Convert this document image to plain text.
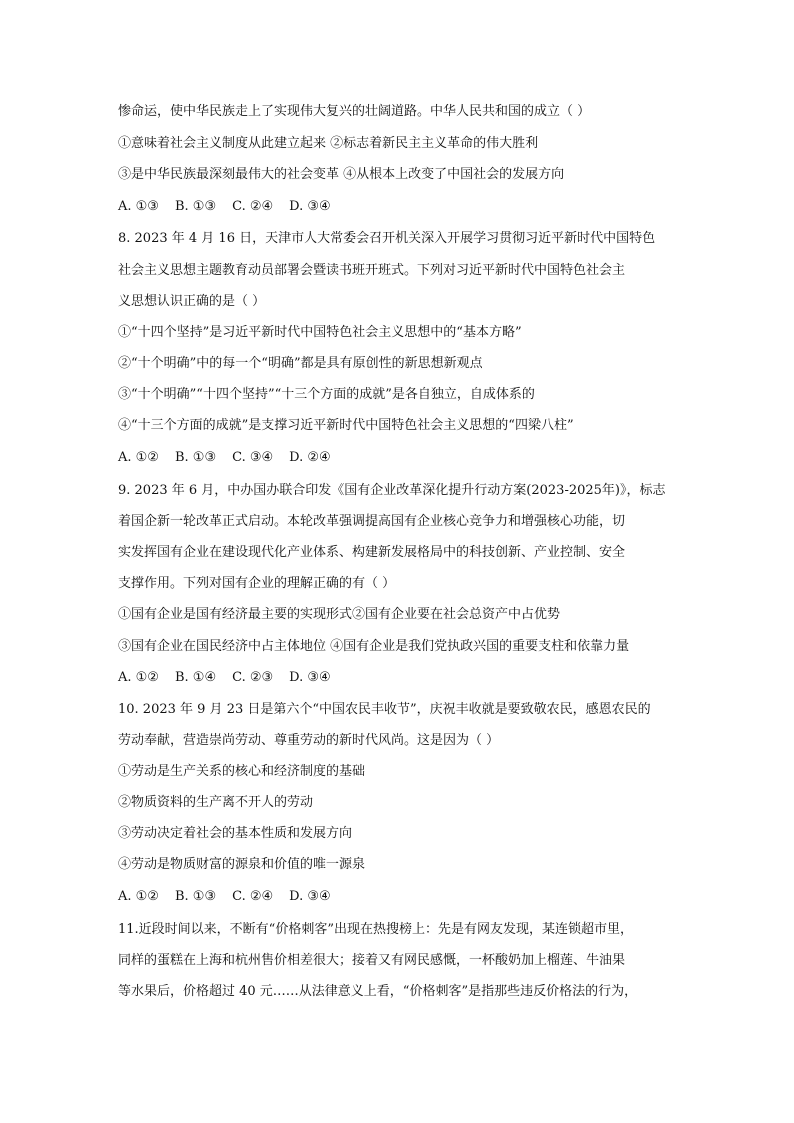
惨命运，使中华民族走上了实现伟大复兴的壮阔道路。中华人民共和国的成立（ ）
①意味着社会主义制度从此建立起来 ②标志着新民主主义革命的伟大胜利
③是中华民族最深刻最伟大的社会变革 ④从根本上改变了中国社会的发展方向
A. ①③ B. ①③ C. ②④ D. ③④
8. 2023 年 4 月 16 日，天津市人大常委会召开机关深入开展学习贯彻习近平新时代中国特色
社会主义思想主题教育动员部署会暨读书班开班式。下列对习近平新时代中国特色社会主
义思想认识正确的是（ ）
①“十四个坚持”是习近平新时代中国特色社会主义思想中的“基本方略”
②“十个明确”中的每一个“明确”都是具有原创性的新思想新观点
③“十个明确”“十四个坚持”“十三个方面的成就”是各自独立，自成体系的
④“十三个方面的成就”是支撑习近平新时代中国特色社会主义思想的“四梁八柱”
A. ①② B. ①③ C. ③④ D. ②④
9. 2023 年 6 月，中办国办联合印发《国有企业改革深化提升行动方案(2023-2025年)》，标志
着国企新一轮改革正式启动。本轮改革强调提高国有企业核心竞争力和增强核心功能，切
实发挥国有企业在建设现代化产业体系、构建新发展格局中的科技创新、产业控制、安全
支撑作用。下列对国有企业的理解正确的有（ ）
①国有企业是国有经济最主要的实现形式②国有企业要在社会总资产中占优势
③国有企业在国民经济中占主体地位 ④国有企业是我们党执政兴国的重要支柱和依靠力量
A. ①② B. ①④ C. ②③ D. ③④
10. 2023 年 9 月 23 日是第六个“中国农民丰收节”，庆祝丰收就是要致敬农民，感恩农民的
劳动奉献，营造崇尚劳动、尊重劳动的新时代风尚。这是因为（ ）
①劳动是生产关系的核心和经济制度的基础
②物质资料的生产离不开人的劳动
③劳动决定着社会的基本性质和发展方向
④劳动是物质财富的源泉和价值的唯一源泉
A. ①② B. ①③ C. ②④ D. ③④
11.近段时间以来，不断有“价格刺客”出现在热搜榜上：先是有网友发现，某连锁超市里，
同样的蛋糕在上海和杭州售价相差很大；接着又有网民感慨，一杯酸奶加上榴莲、牛油果
等水果后，价格超过 40 元……从法律意义上看，“价格刺客”是指那些违反价格法的行为，
